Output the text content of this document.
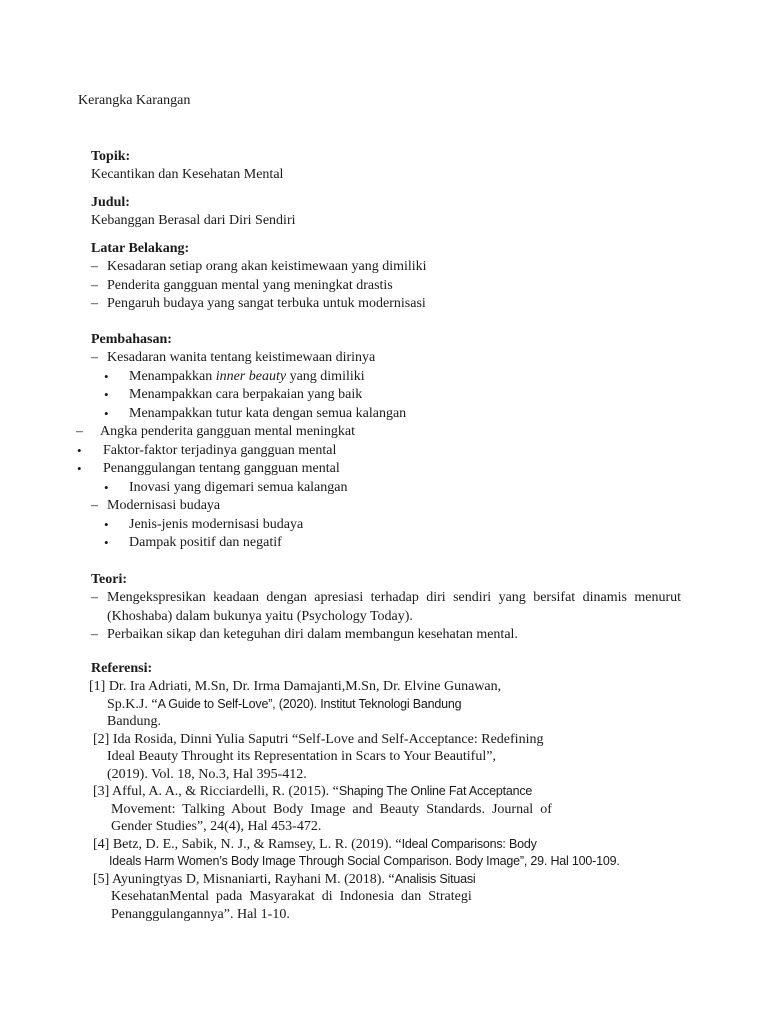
Kerangka Karangan
Topik:
Kecantikan dan Kesehatan Mental
Judul:
Kebanggan Berasal dari Diri Sendiri
Latar Belakang:
– Kesadaran setiap orang akan keistimewaan yang dimiliki
– Penderita gangguan mental yang meningkat drastis
– Pengaruh budaya yang sangat terbuka untuk modernisasi
Pembahasan:
– Kesadaran wanita tentang keistimewaan dirinya
• Menampakkan inner beauty yang dimiliki
• Menampakkan cara berpakaian yang baik
• Menampakkan tutur kata dengan semua kalangan
– Angka penderita gangguan mental meningkat
• Faktor-faktor terjadinya gangguan mental
• Penanggulangan tentang gangguan mental
• Inovasi yang digemari semua kalangan
– Modernisasi budaya
• Jenis-jenis modernisasi budaya
• Dampak positif dan negatif
Teori:
– Mengekspresikan keadaan dengan apresiasi terhadap diri sendiri yang bersifat dinamis menurut (Khoshaba) dalam bukunya yaitu (Psychology Today).
– Perbaikan sikap dan keteguhan diri dalam membangun kesehatan mental.
Referensi:
[1] Dr. Ira Adriati, M.Sn, Dr. Irma Damajanti,M.Sn, Dr. Elvine Gunawan,
Sp.K.J. “A Guide to Self-Love”, (2020). Institut Teknologi Bandung
Bandung.
[2] Ida Rosida, Dinni Yulia Saputri “Self-Love and Self-Acceptance: Redefining
Ideal Beauty Throught its Representation in Scars to Your Beautiful”,
(2019). Vol. 18, No.3, Hal 395-412.
[3] Afful, A. A., & Ricciardelli, R. (2015). “Shaping The Online Fat Acceptance
Movement:  Talking  About  Body  Image  and  Beauty  Standards.  Journal  of
Gender Studies”, 24(4), Hal 453-472.
[4] Betz, D. E., Sabik, N. J., & Ramsey, L. R. (2019). “Ideal Comparisons: Body
Ideals Harm Women’s Body Image Through Social Comparison. Body Image”, 29. Hal 100-109.
[5] Ayuningtyas D, Misnaniarti, Rayhani M. (2018). “Analisis Situasi
KesehatanMental  pada  Masyarakat  di  Indonesia  dan  Strategi
Penanggulangannya”. Hal 1-10.
